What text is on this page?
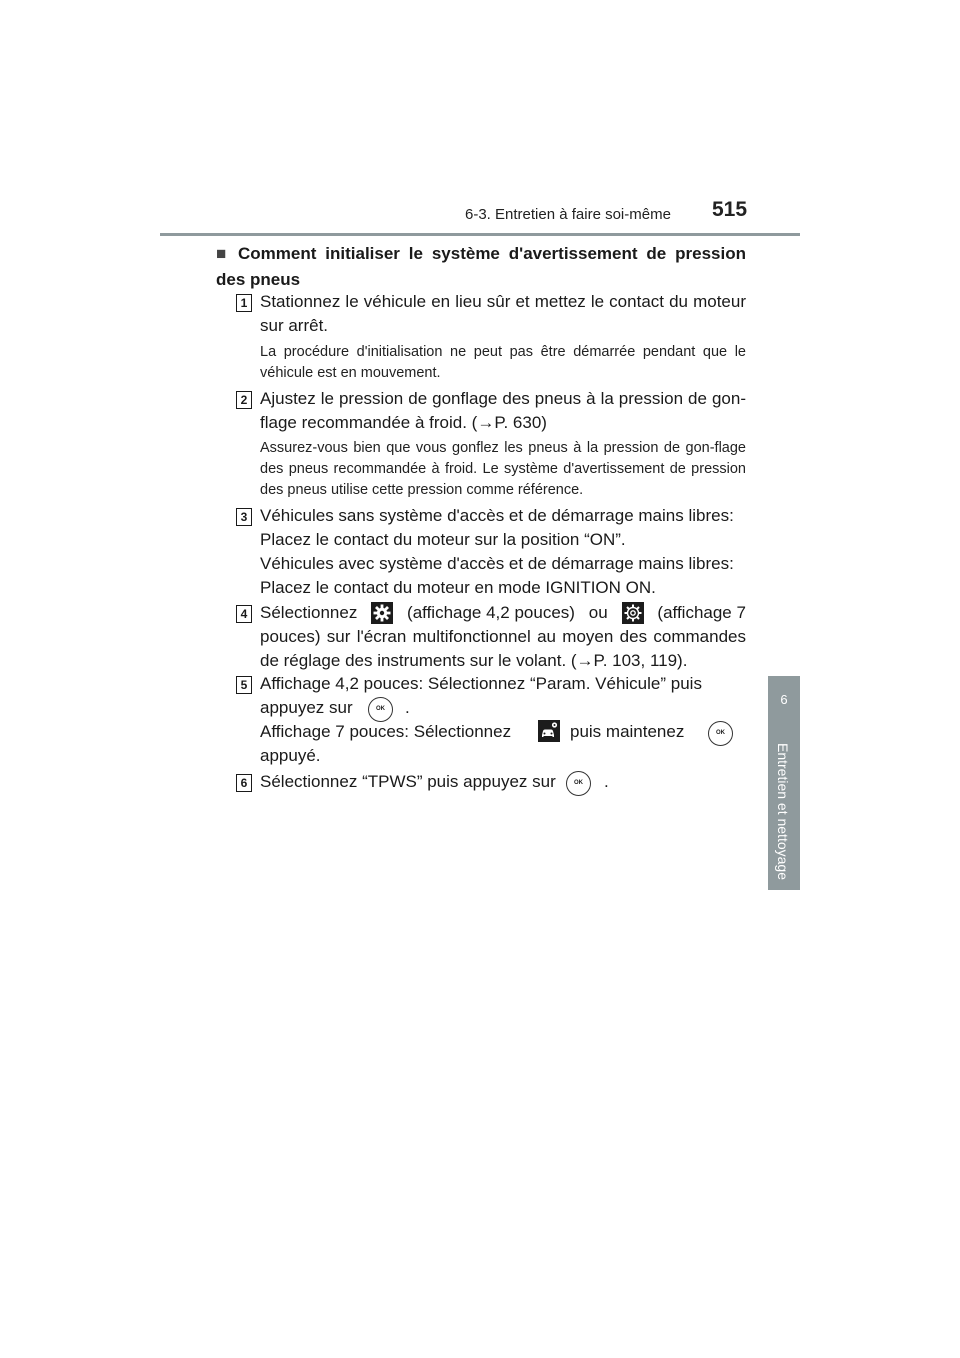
6-3. Entretien à faire soi-même 515
6
Entretien et nettoyage
■ Comment initialiser le système d'avertissement de pression des pneus
1 Stationnez le véhicule en lieu sûr et mettez le contact du moteur sur arrêt.
La procédure d'initialisation ne peut pas être démarrée pendant que le véhicule est en mouvement.
2 Ajustez le pression de gonflage des pneus à la pression de gon-flage recommandée à froid. (→P. 630)
Assurez-vous bien que vous gonflez les pneus à la pression de gon-flage des pneus recommandée à froid. Le système d'avertissement de pression des pneus utilise cette pression comme référence.
3 Véhicules sans système d'accès et de démarrage mains libres:
Placez le contact du moteur sur la position “ON”.
Véhicules avec système d'accès et de démarrage mains libres:
Placez le contact du moteur en mode IGNITION ON.
4 Sélectionnez	(affichage 4,2 pouces) ou	(affichage 7
pouces) sur l'écran multifonctionnel au moyen des commandes de réglage des instruments sur le volant. (→P. 103, 119).
5 Affichage 4,2 pouces: Sélectionnez “Param. Véhicule” puis
appuyez sur	OK	.
Affichage 7 pouces: Sélectionnez	puis maintenez	OK
appuyé.
6 Sélectionnez “TPWS” puis appuyez sur	OK	.
